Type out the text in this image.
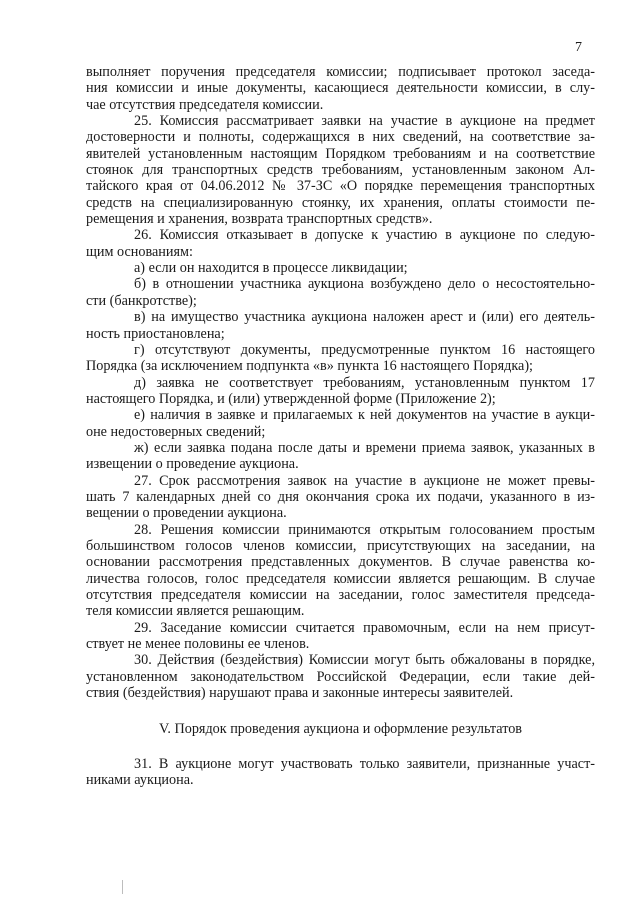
7
выполняет поручения председателя комиссии; подписывает протокол заседа-
ния комиссии и иные документы, касающиеся деятельности комиссии, в слу-
чае отсутствия председателя комиссии.
25. Комиссия рассматривает заявки на участие в аукционе на предмет
достоверности и полноты, содержащихся в них сведений, на соответствие за-
явителей установленным настоящим Порядком требованиям и на соответствие
стоянок для транспортных средств требованиям, установленным законом Ал-
тайского края от 04.06.2012 № 37-ЗС «О порядке перемещения транспортных
средств на специализированную стоянку, их хранения, оплаты стоимости пе-
ремещения и хранения, возврата транспортных средств».
26. Комиссия отказывает в допуске к участию в аукционе по следую-
щим основаниям:
а) если он находится в процессе ликвидации;
б) в отношении участника аукциона возбуждено дело о несостоятельно-
сти (банкротстве);
в) на имущество участника аукциона наложен арест и (или) его деятель-
ность приостановлена;
г) отсутствуют документы, предусмотренные пунктом 16 настоящего
Порядка (за исключением подпункта «в» пункта 16 настоящего Порядка);
д) заявка не соответствует требованиям, установленным пунктом 17
настоящего Порядка, и (или) утвержденной форме (Приложение 2);
е) наличия в заявке и прилагаемых к ней документов на участие в аукци-
оне недостоверных сведений;
ж) если заявка подана после даты и времени приема заявок, указанных в
извещении о проведение аукциона.
27. Срок рассмотрения заявок на участие в аукционе не может превы-
шать 7 календарных дней со дня окончания срока их подачи, указанного в из-
вещении о проведении аукциона.
28. Решения комиссии принимаются открытым голосованием простым
большинством голосов членов комиссии, присутствующих на заседании, на
основании рассмотрения представленных документов. В случае равенства ко-
личества голосов, голос председателя комиссии является решающим. В случае
отсутствия председателя комиссии на заседании, голос заместителя председа-
теля комиссии является решающим.
29. Заседание комиссии считается правомочным, если на нем присут-
ствует не менее половины ее членов.
30. Действия (бездействия) Комиссии могут быть обжалованы в порядке,
установленном законодательством Российской Федерации, если такие дей-
ствия (бездействия) нарушают права и законные интересы заявителей.
V. Порядок проведения аукциона и оформление результатов
31. В аукционе могут участвовать только заявители, признанные участ-
никами аукциона.
